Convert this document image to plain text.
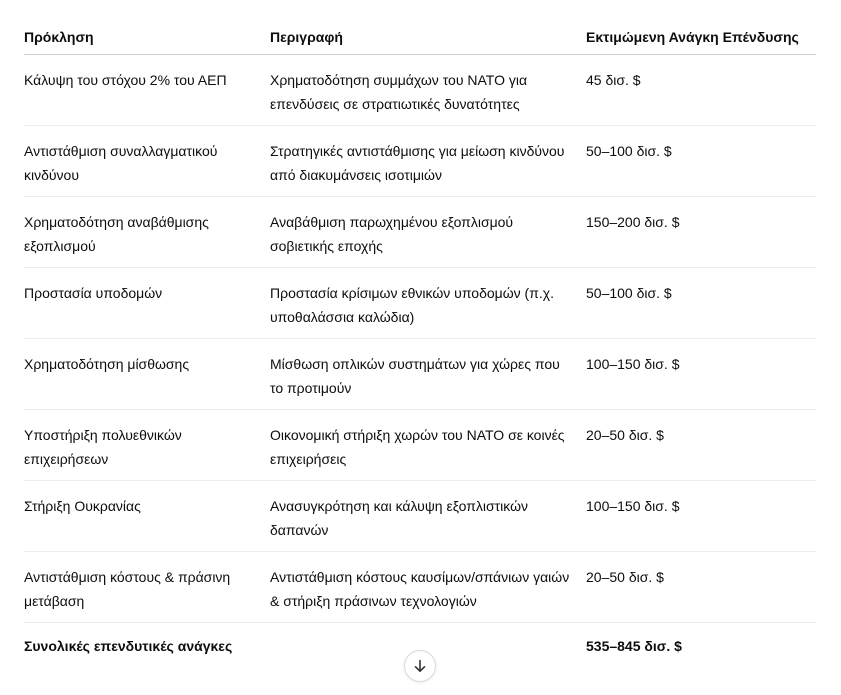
Πρόκληση	Περιγραφή	Εκτιμώμενη Ανάγκη Επένδυσης
Κάλυψη του στόχου 2% του ΑΕΠ	Χρηματοδότηση συμμάχων του ΝΑΤΟ για επενδύσεις σε στρατιωτικές δυνατότητες	45 δισ. $
Αντιστάθμιση συναλλαγματικού κινδύνου	Στρατηγικές αντιστάθμισης για μείωση κινδύνου από διακυμάνσεις ισοτιμιών	50–100 δισ. $
Χρηματοδότηση αναβάθμισης εξοπλισμού	Αναβάθμιση παρωχημένου εξοπλισμού σοβιετικής εποχής	150–200 δισ. $
Προστασία υποδομών	Προστασία κρίσιμων εθνικών υποδομών (π.χ. υποθαλάσσια καλώδια)	50–100 δισ. $
Χρηματοδότηση μίσθωσης	Μίσθωση οπλικών συστημάτων για χώρες που το προτιμούν	100–150 δισ. $
Υποστήριξη πολυεθνικών επιχειρήσεων	Οικονομική στήριξη χωρών του ΝΑΤΟ σε κοινές επιχειρήσεις	20–50 δισ. $
Στήριξη Ουκρανίας	Ανασυγκρότηση και κάλυψη εξοπλιστικών δαπανών	100–150 δισ. $
Αντιστάθμιση κόστους & πράσινη μετάβαση	Αντιστάθμιση κόστους καυσίμων/σπάνιων γαιών & στήριξη πράσινων τεχνολογιών	20–50 δισ. $
Συνολικές επενδυτικές ανάγκες		535–845 δισ. $
